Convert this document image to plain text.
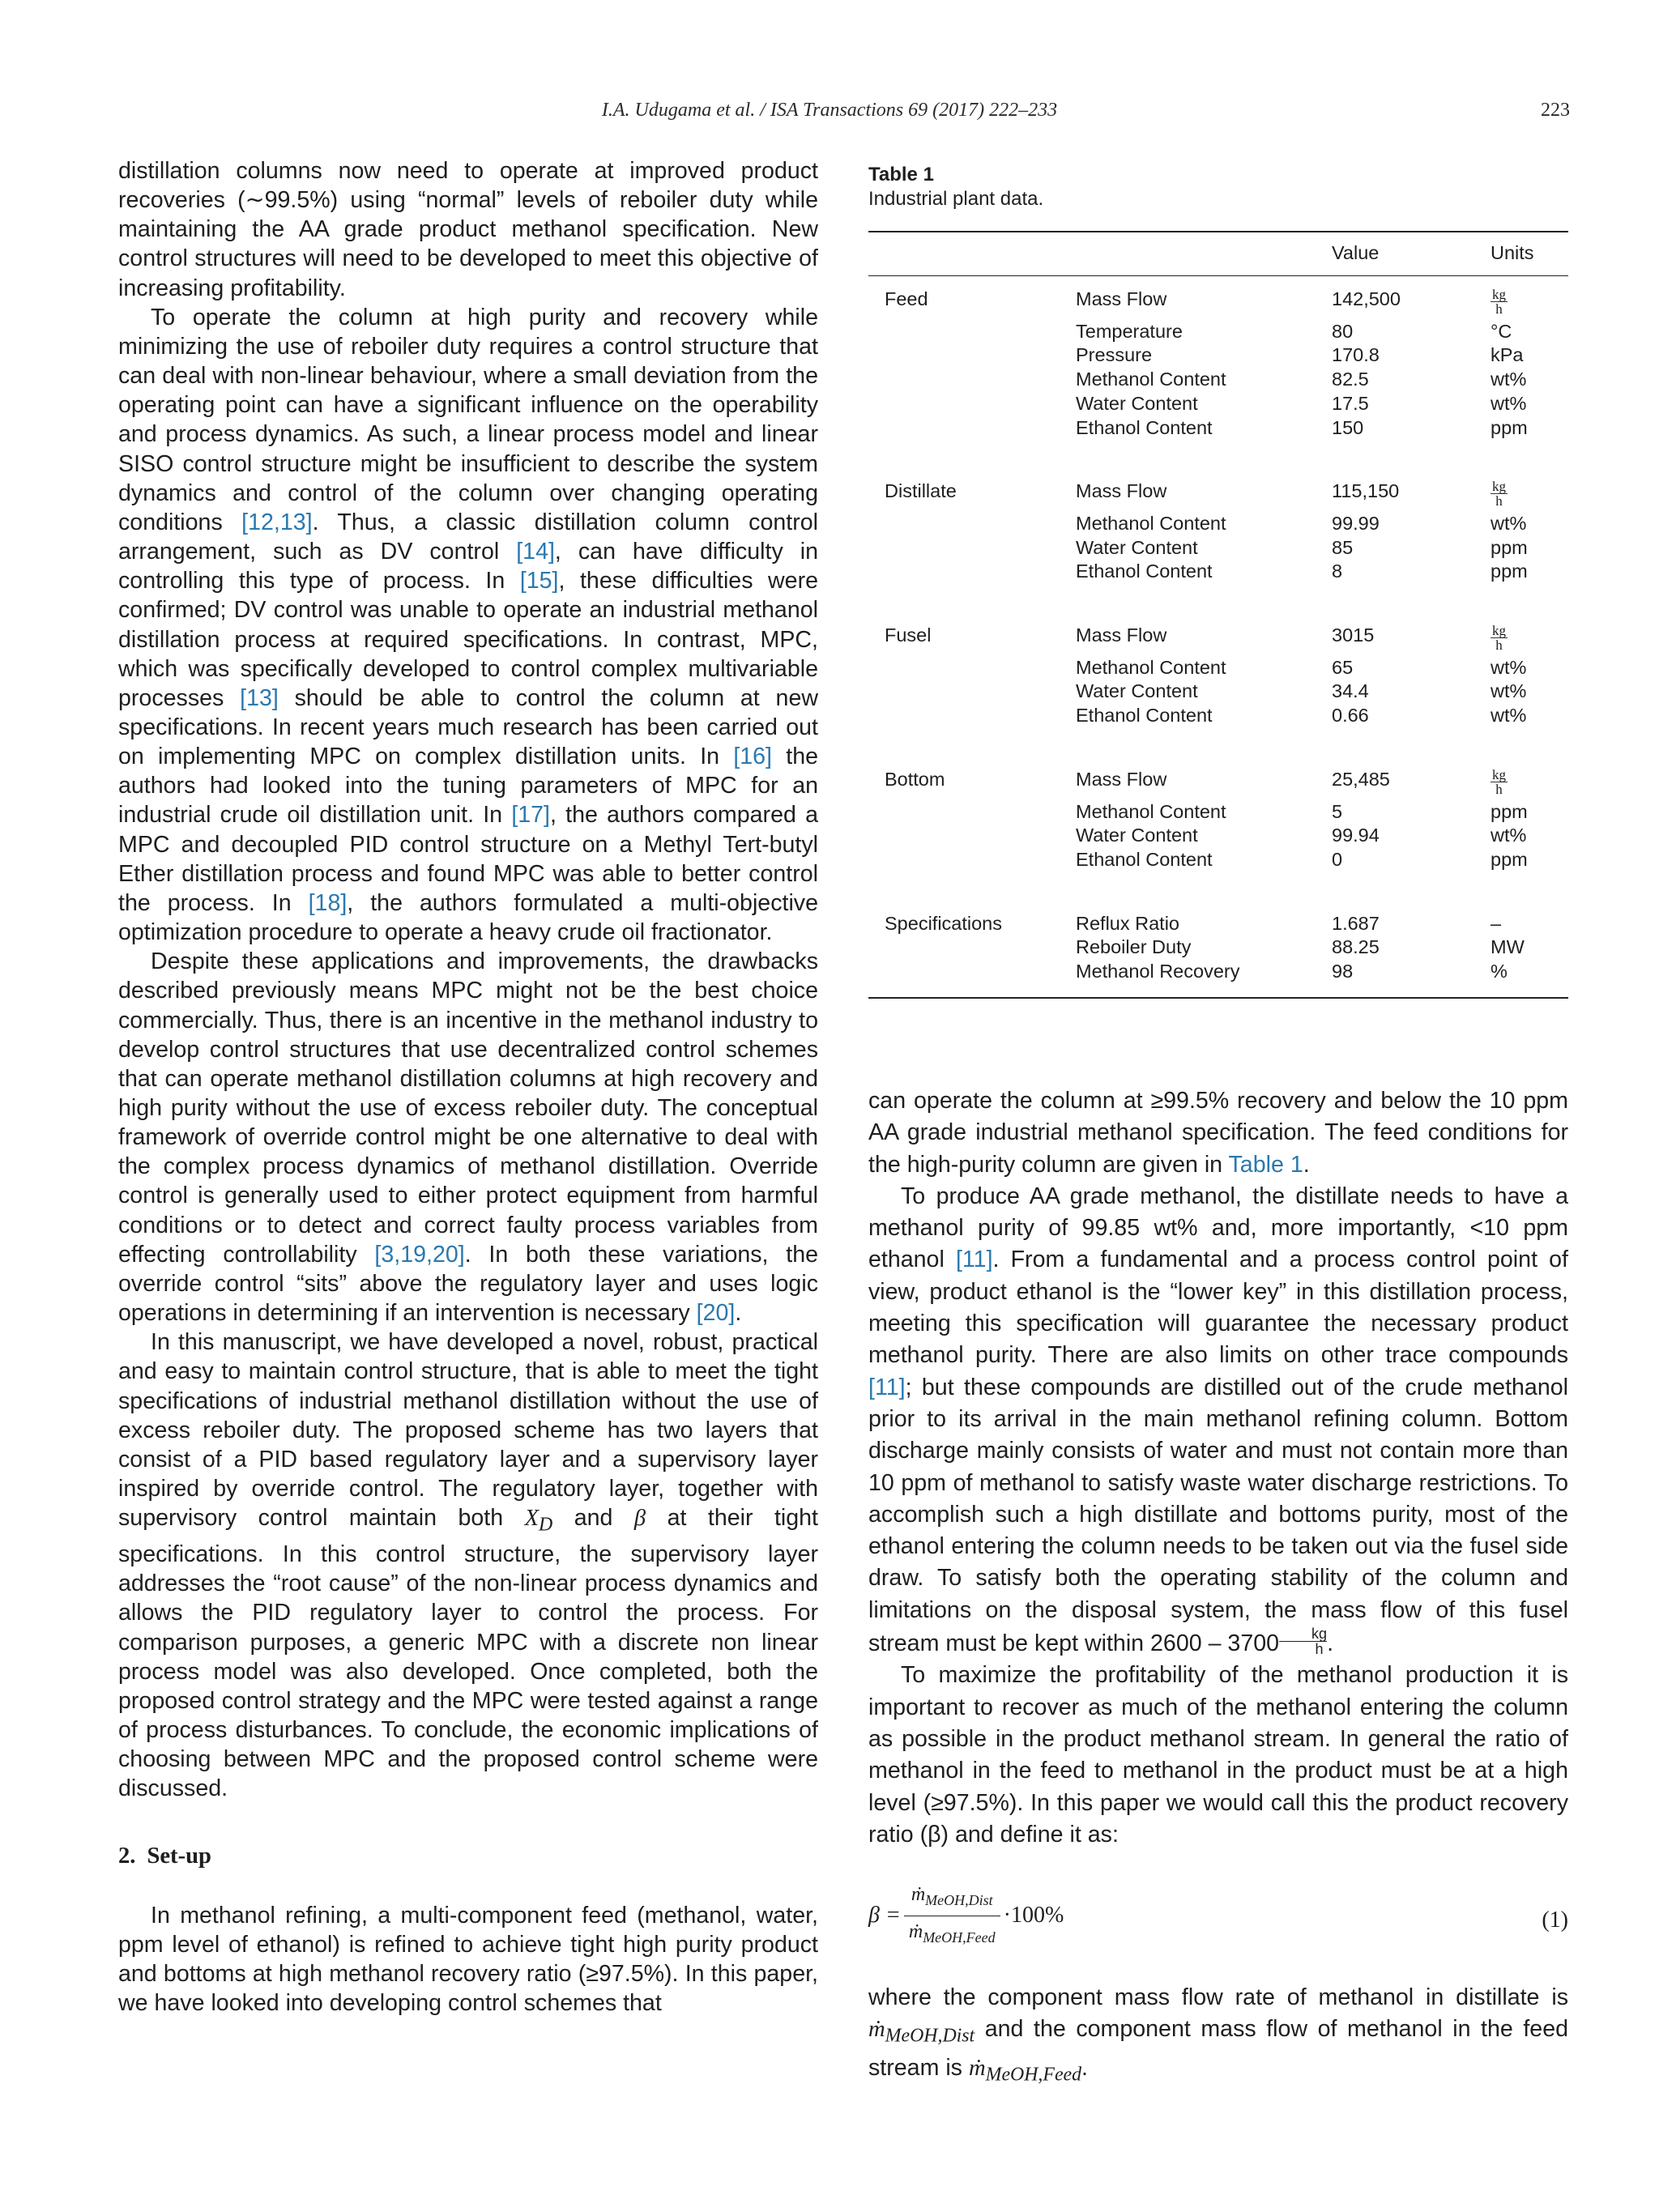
I.A. Udugama et al. / ISA Transactions 69 (2017) 222–233	223

distillation columns now need to operate at improved product recoveries (∼99.5%) using “normal” levels of reboiler duty while maintaining the AA grade product methanol specification. New control structures will need to be developed to meet this objective of increasing profitability.

To operate the column at high purity and recovery while minimizing the use of reboiler duty requires a control structure that can deal with non-linear behaviour, where a small deviation from the operating point can have a significant influence on the operability and process dynamics. As such, a linear process model and linear SISO control structure might be insufficient to describe the system dynamics and control of the column over changing operating conditions [12,13]. Thus, a classic distillation column control arrangement, such as DV control [14], can have difficulty in controlling this type of process. In [15], these difficulties were confirmed; DV control was unable to operate an industrial methanol distillation process at required specifications. In contrast, MPC, which was specifically developed to control complex multivariable processes [13] should be able to control the column at new specifications. In recent years much research has been carried out on implementing MPC on complex distillation units. In [16] the authors had looked into the tuning parameters of MPC for an industrial crude oil distillation unit. In [17], the authors compared a MPC and decoupled PID control structure on a Methyl Tert-butyl Ether distillation process and found MPC was able to better control the process. In [18], the authors formulated a multi-objective optimization procedure to operate a heavy crude oil fractionator.

Despite these applications and improvements, the drawbacks described previously means MPC might not be the best choice commercially. Thus, there is an incentive in the methanol industry to develop control structures that use decentralized control schemes that can operate methanol distillation columns at high recovery and high purity without the use of excess reboiler duty. The conceptual framework of override control might be one alternative to deal with the complex process dynamics of methanol distillation. Override control is generally used to either protect equipment from harmful conditions or to detect and correct faulty process variables from effecting controllability [3,19,20]. In both these variations, the override control “sits” above the regulatory layer and uses logic operations in determining if an intervention is necessary [20].

In this manuscript, we have developed a novel, robust, practical and easy to maintain control structure, that is able to meet the tight specifications of industrial methanol distillation without the use of excess reboiler duty. The proposed scheme has two layers that consist of a PID based regulatory layer and a supervisory layer inspired by override control. The regulatory layer, together with supervisory control maintain both $X_D$ and β at their tight specifications. In this control structure, the supervisory layer addresses the “root cause” of the non-linear process dynamics and allows the PID regulatory layer to control the process. For comparison purposes, a generic MPC with a discrete non linear process model was also developed. Once completed, both the proposed control strategy and the MPC were tested against a range of process disturbances. To conclude, the economic implications of choosing between MPC and the proposed control scheme were discussed.

2. Set-up

In methanol refining, a multi-component feed (methanol, water, ppm level of ethanol) is refined to achieve tight high purity product and bottoms at high methanol recovery ratio (≥97.5%). In this paper, we have looked into developing control schemes that

Table 1
Industrial plant data.
		Value	Units

Feed	Mass Flow	142,500	$\frac{kg}{h}$

	Temperature	80	°C
	Pressure	170.8	kPa
	Methanol Content	82.5	wt%
	Water Content	17.5	wt%
	Ethanol Content	150	ppm

Distillate	Mass Flow	115,150	$\frac{kg}{h}$

	Methanol Content	99.99	wt%
	Water Content	85	ppm
	Ethanol Content	8	ppm

Fusel	Mass Flow	3015	$\frac{kg}{h}$

	Methanol Content	65	wt%
	Water Content	34.4	wt%
	Ethanol Content	0.66	wt%

Bottom	Mass Flow	25,485	$\frac{kg}{h}$

	Methanol Content	5	ppm
	Water Content	99.94	wt%
	Ethanol Content	0	ppm

Specifications	Reflux Ratio	1.687	–
	Reboiler Duty	88.25	MW
	Methanol Recovery	98	%

can operate the column at ≥99.5% recovery and below the 10 ppm AA grade industrial methanol specification. The feed conditions for the high-purity column are given in Table 1.

To produce AA grade methanol, the distillate needs to have a methanol purity of 99.85 wt% and, more importantly, <10 ppm ethanol [11]. From a fundamental and a process control point of view, product ethanol is the “lower key” in this distillation process, meeting this specification will guarantee the necessary product methanol purity. There are also limits on other trace compounds [11]; but these compounds are distilled out of the crude methanol prior to its arrival in the main methanol refining column. Bottom discharge mainly consists of water and must not contain more than 10 ppm of methanol to satisfy waste water discharge restrictions. To accomplish such a high distillate and bottoms purity, most of the ethanol entering the column needs to be taken out via the fusel side draw. To satisfy both the operating stability of the column and limitations on the disposal system, the mass flow of this fusel stream must be kept within $2600 - 3700 \frac{kg}{h}$ .

To maximize the profitability of the methanol production it is important to recover as much of the methanol entering the column as possible in the product methanol stream. In general the ratio of methanol in the feed to methanol in the product must be at a high level (≥97.5%). In this paper we would call this the product recovery ratio (β) and define it as:

$\beta = \frac{ṁ_{MeOH,Dist}}{ṁ_{MeOH,Feed}} \cdot 100\%$	(1)

where the component mass flow rate of methanol in distillate is ṁ$_{MeOH,Dist}$ and the component mass flow of methanol in the feed stream is ṁ$_{MeOH,Feed}$.
